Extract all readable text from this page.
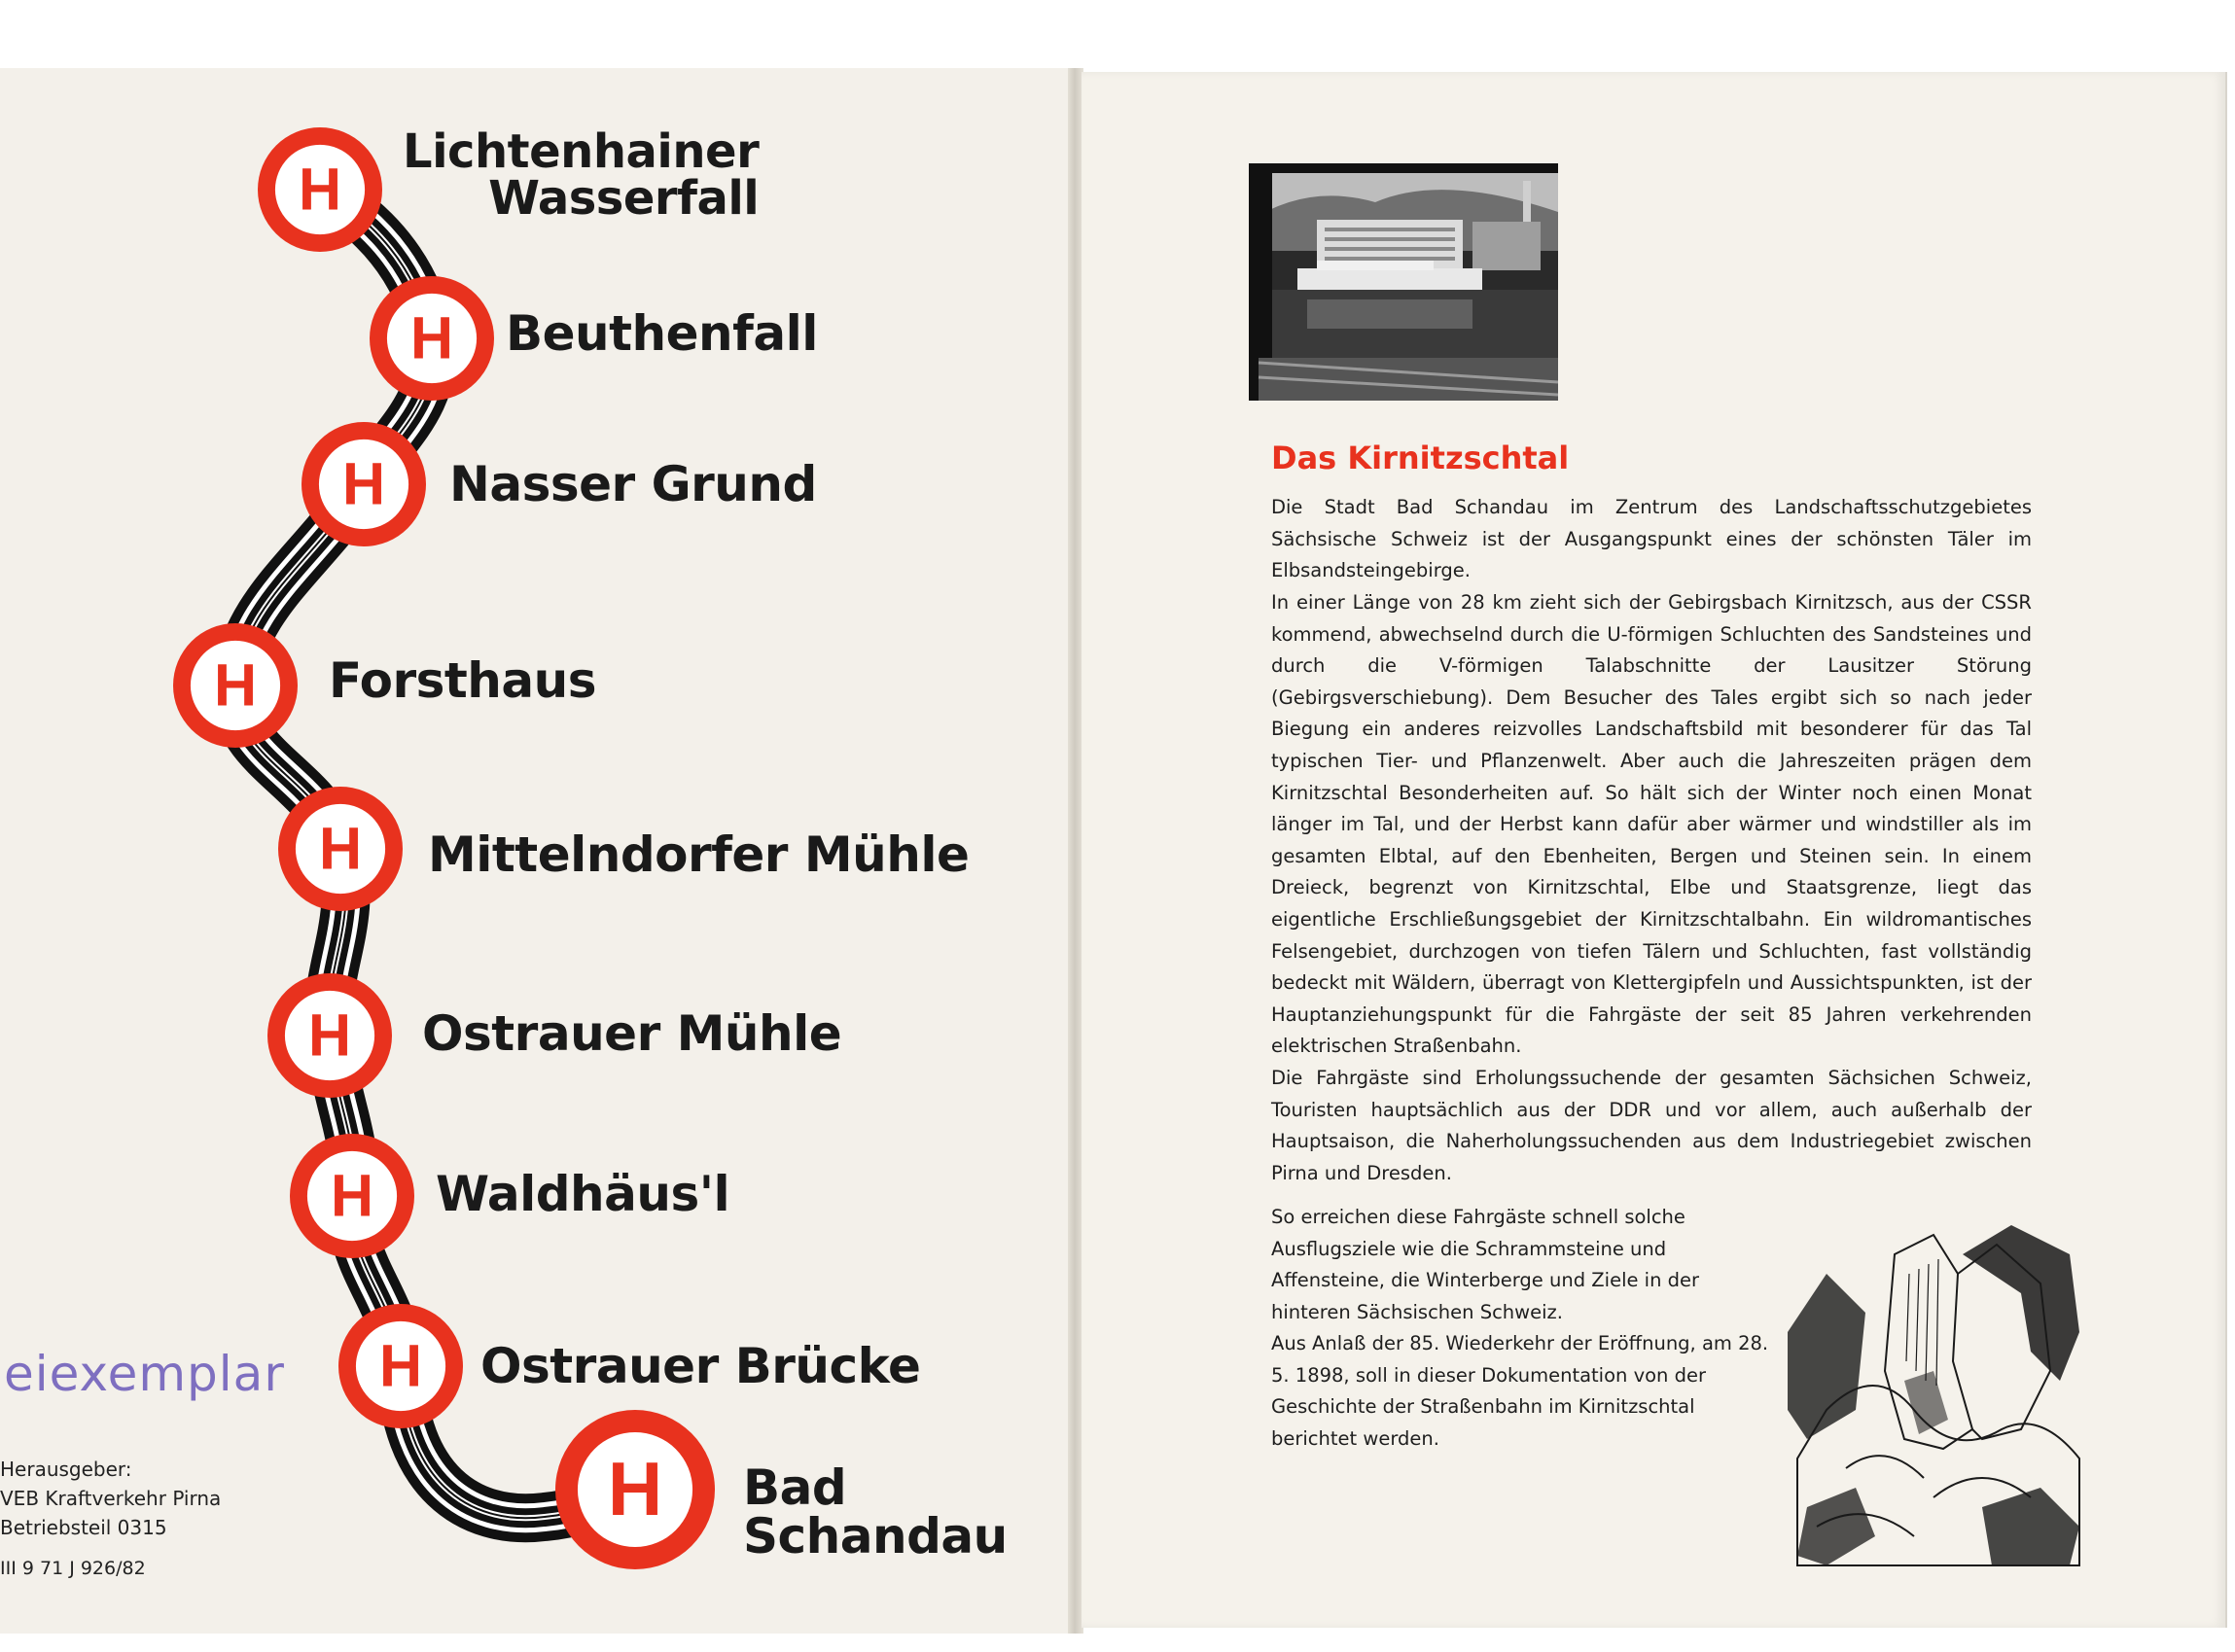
H
H
H
H
H
H
H
H
H
Lichtenhainer
Wasserfall
Beuthenfall
Nasser Grund
Forsthaus
Mittelndorfer Mühle
Ostrauer Mühle
Waldhäus'l
Ostrauer Brücke
Bad
Schandau
eiexemplar
Herausgeber:
VEB Kraftverkehr Pirna
Betriebsteil 0315
III 9 71 J 926/82
Das Kirnitzschtal

Die Stadt Bad Schandau im Zentrum des Landschaftsschutzgebietes Sächsische Schweiz ist der Ausgangspunkt eines der schönsten Täler im Elbsandsteingebirge.

In einer Länge von 28 km zieht sich der Gebirgsbach Kirnitzsch, aus der CSSR kommend, abwechselnd durch die U-förmigen Schluchten des Sandsteines und durch die V-förmigen Talabschnitte der Lausitzer Störung (Gebirgsverschiebung). Dem Besucher des Tales ergibt sich so nach jeder Biegung ein anderes reizvolles Landschaftsbild mit besonderer für das Tal typischen Tier- und Pflanzenwelt. Aber auch die Jahreszeiten prägen dem Kirnitzschtal Besonderheiten auf. So hält sich der Winter noch einen Monat länger im Tal, und der Herbst kann dafür aber wärmer und windstiller als im gesamten Elbtal, auf den Ebenheiten, Bergen und Steinen sein. In einem Dreieck, begrenzt von Kirnitzschtal, Elbe und Staatsgrenze, liegt das eigentliche Erschließungsgebiet der Kirnitzschtalbahn. Ein wildromantisches Felsengebiet, durchzogen von tiefen Tälern und Schluchten, fast vollständig bedeckt mit Wäldern, überragt von Klettergipfeln und Aussichtspunkten, ist der Hauptanziehungspunkt für die Fahrgäste der seit 85 Jahren verkehrenden elektrischen Straßenbahn.

Die Fahrgäste sind Erholungssuchende der gesamten Sächsichen Schweiz, Touristen hauptsächlich aus der DDR und vor allem, auch außerhalb der Hauptsaison, die Naherholungssuchenden aus dem Industriegebiet zwischen Pirna und Dresden.

So erreichen diese Fahrgäste schnell solche Ausflugsziele wie die Schrammsteine und Affensteine, die Winterberge und Ziele in der hinteren Sächsischen Schweiz.

Aus Anlaß der 85. Wiederkehr der Eröffnung, am 28. 5. 1898, soll in dieser Dokumentation von der Geschichte der Straßenbahn im Kirnitzschtal berichtet werden.
